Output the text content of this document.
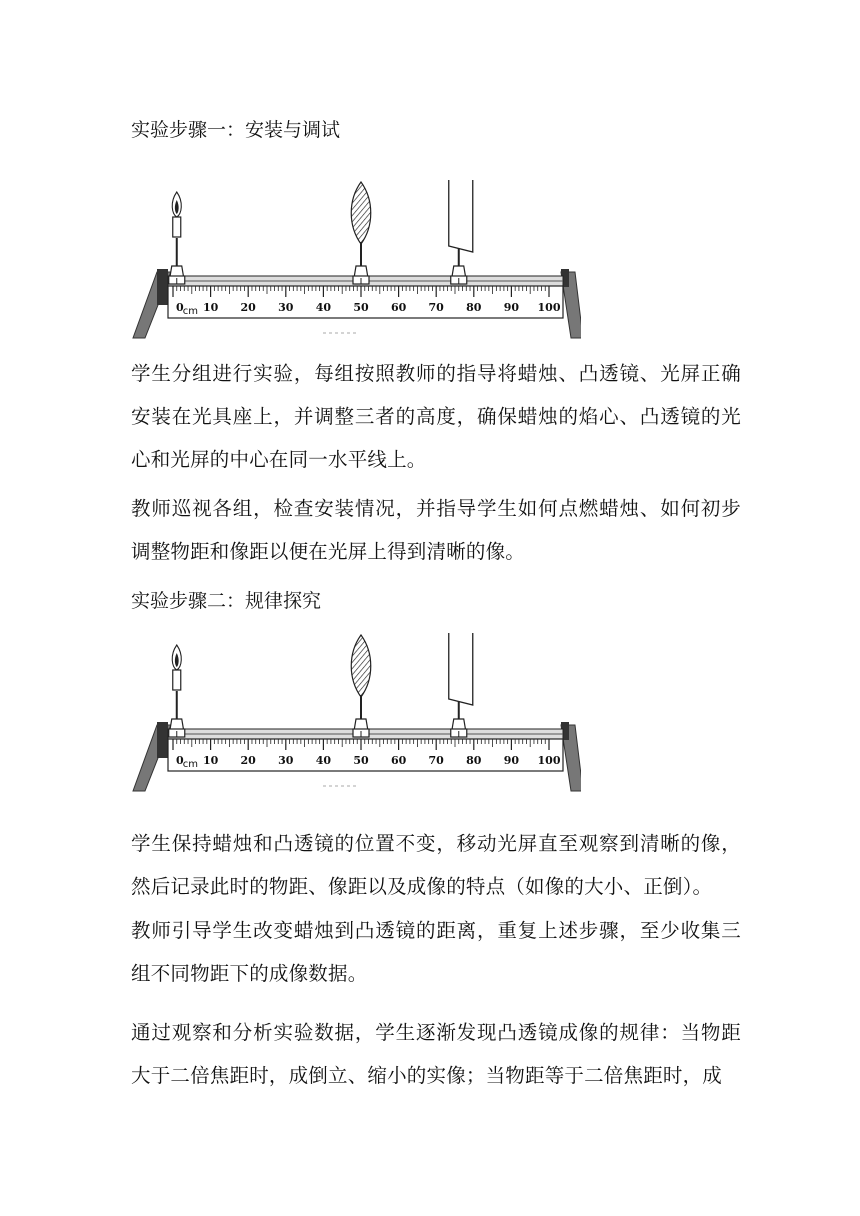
实验步骤一：安装与调试
0 10 20 30 40 50 60 70 80 90 100
cm
学生分组进行实验，每组按照教师的指导将蜡烛、凸透镜、光屏正确安装在光具座上，并调整三者的高度，确保蜡烛的焰心、凸透镜的光心和光屏的中心在同一水平线上。
教师巡视各组，检查安装情况，并指导学生如何点燃蜡烛、如何初步调整物距和像距以便在光屏上得到清晰的像。
实验步骤二：规律探究
0 10 20 30 40 50 60 70 80 90 100
cm
学生保持蜡烛和凸透镜的位置不变，移动光屏直至观察到清晰的像，然后记录此时的物距、像距以及成像的特点（如像的大小、正倒）。
教师引导学生改变蜡烛到凸透镜的距离，重复上述步骤，至少收集三组不同物距下的成像数据。
通过观察和分析实验数据，学生逐渐发现凸透镜成像的规律：当物距大于二倍焦距时，成倒立、缩小的实像；当物距等于二倍焦距时，成
